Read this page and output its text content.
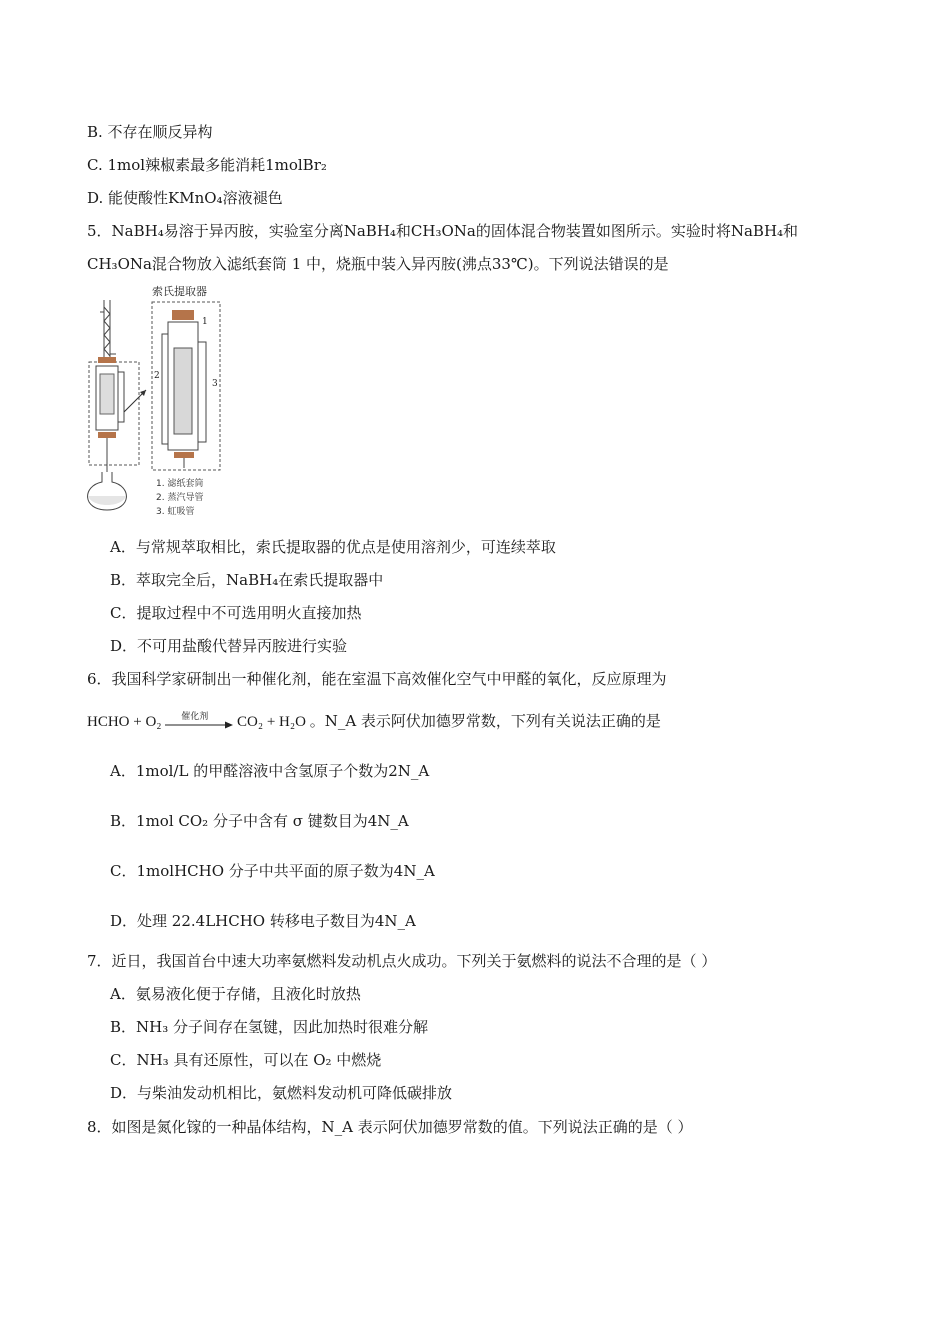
B. 不存在顺反异构
C. 1mol辣椒素最多能消耗1molBr₂
D. 能使酸性KMnO₄溶液褪色
5．NaBH₄易溶于异丙胺，实验室分离NaBH₄和CH₃ONa的固体混合物装置如图所示。实验时将NaBH₄和
CH₃ONa混合物放入滤纸套筒 1 中，烧瓶中装入异丙胺(沸点33℃)。下列说法错误的是
索氏提取器
1
2
3
1. 滤纸套筒
2. 蒸汽导管
3. 虹吸管
A．与常规萃取相比，索氏提取器的优点是使用溶剂少，可连续萃取
B．萃取完全后，NaBH₄在索氏提取器中
C．提取过程中不可选用明火直接加热
D．不可用盐酸代替异丙胺进行实验
6．我国科学家研制出一种催化剂，能在室温下高效催化空气中甲醛的氧化，反应原理为
HCHO + O₂ 催化剂 CO₂ + H₂O 。N_A 表示阿伏加德罗常数，下列有关说法正确的是
A．1mol/L 的甲醛溶液中含氢原子个数为2N_A
B．1mol CO₂ 分子中含有 σ 键数目为4N_A
C．1molHCHO 分子中共平面的原子数为4N_A
D．处理 22.4LHCHO 转移电子数目为4N_A
7．近日，我国首台中速大功率氨燃料发动机点火成功。下列关于氨燃料的说法不合理的是（ ）
A．氨易液化便于存储，且液化时放热
B．NH₃ 分子间存在氢键，因此加热时很难分解
C．NH₃ 具有还原性，可以在 O₂ 中燃烧
D．与柴油发动机相比，氨燃料发动机可降低碳排放
8．如图是氮化镓的一种晶体结构，N_A 表示阿伏加德罗常数的值。下列说法正确的是（ ）
